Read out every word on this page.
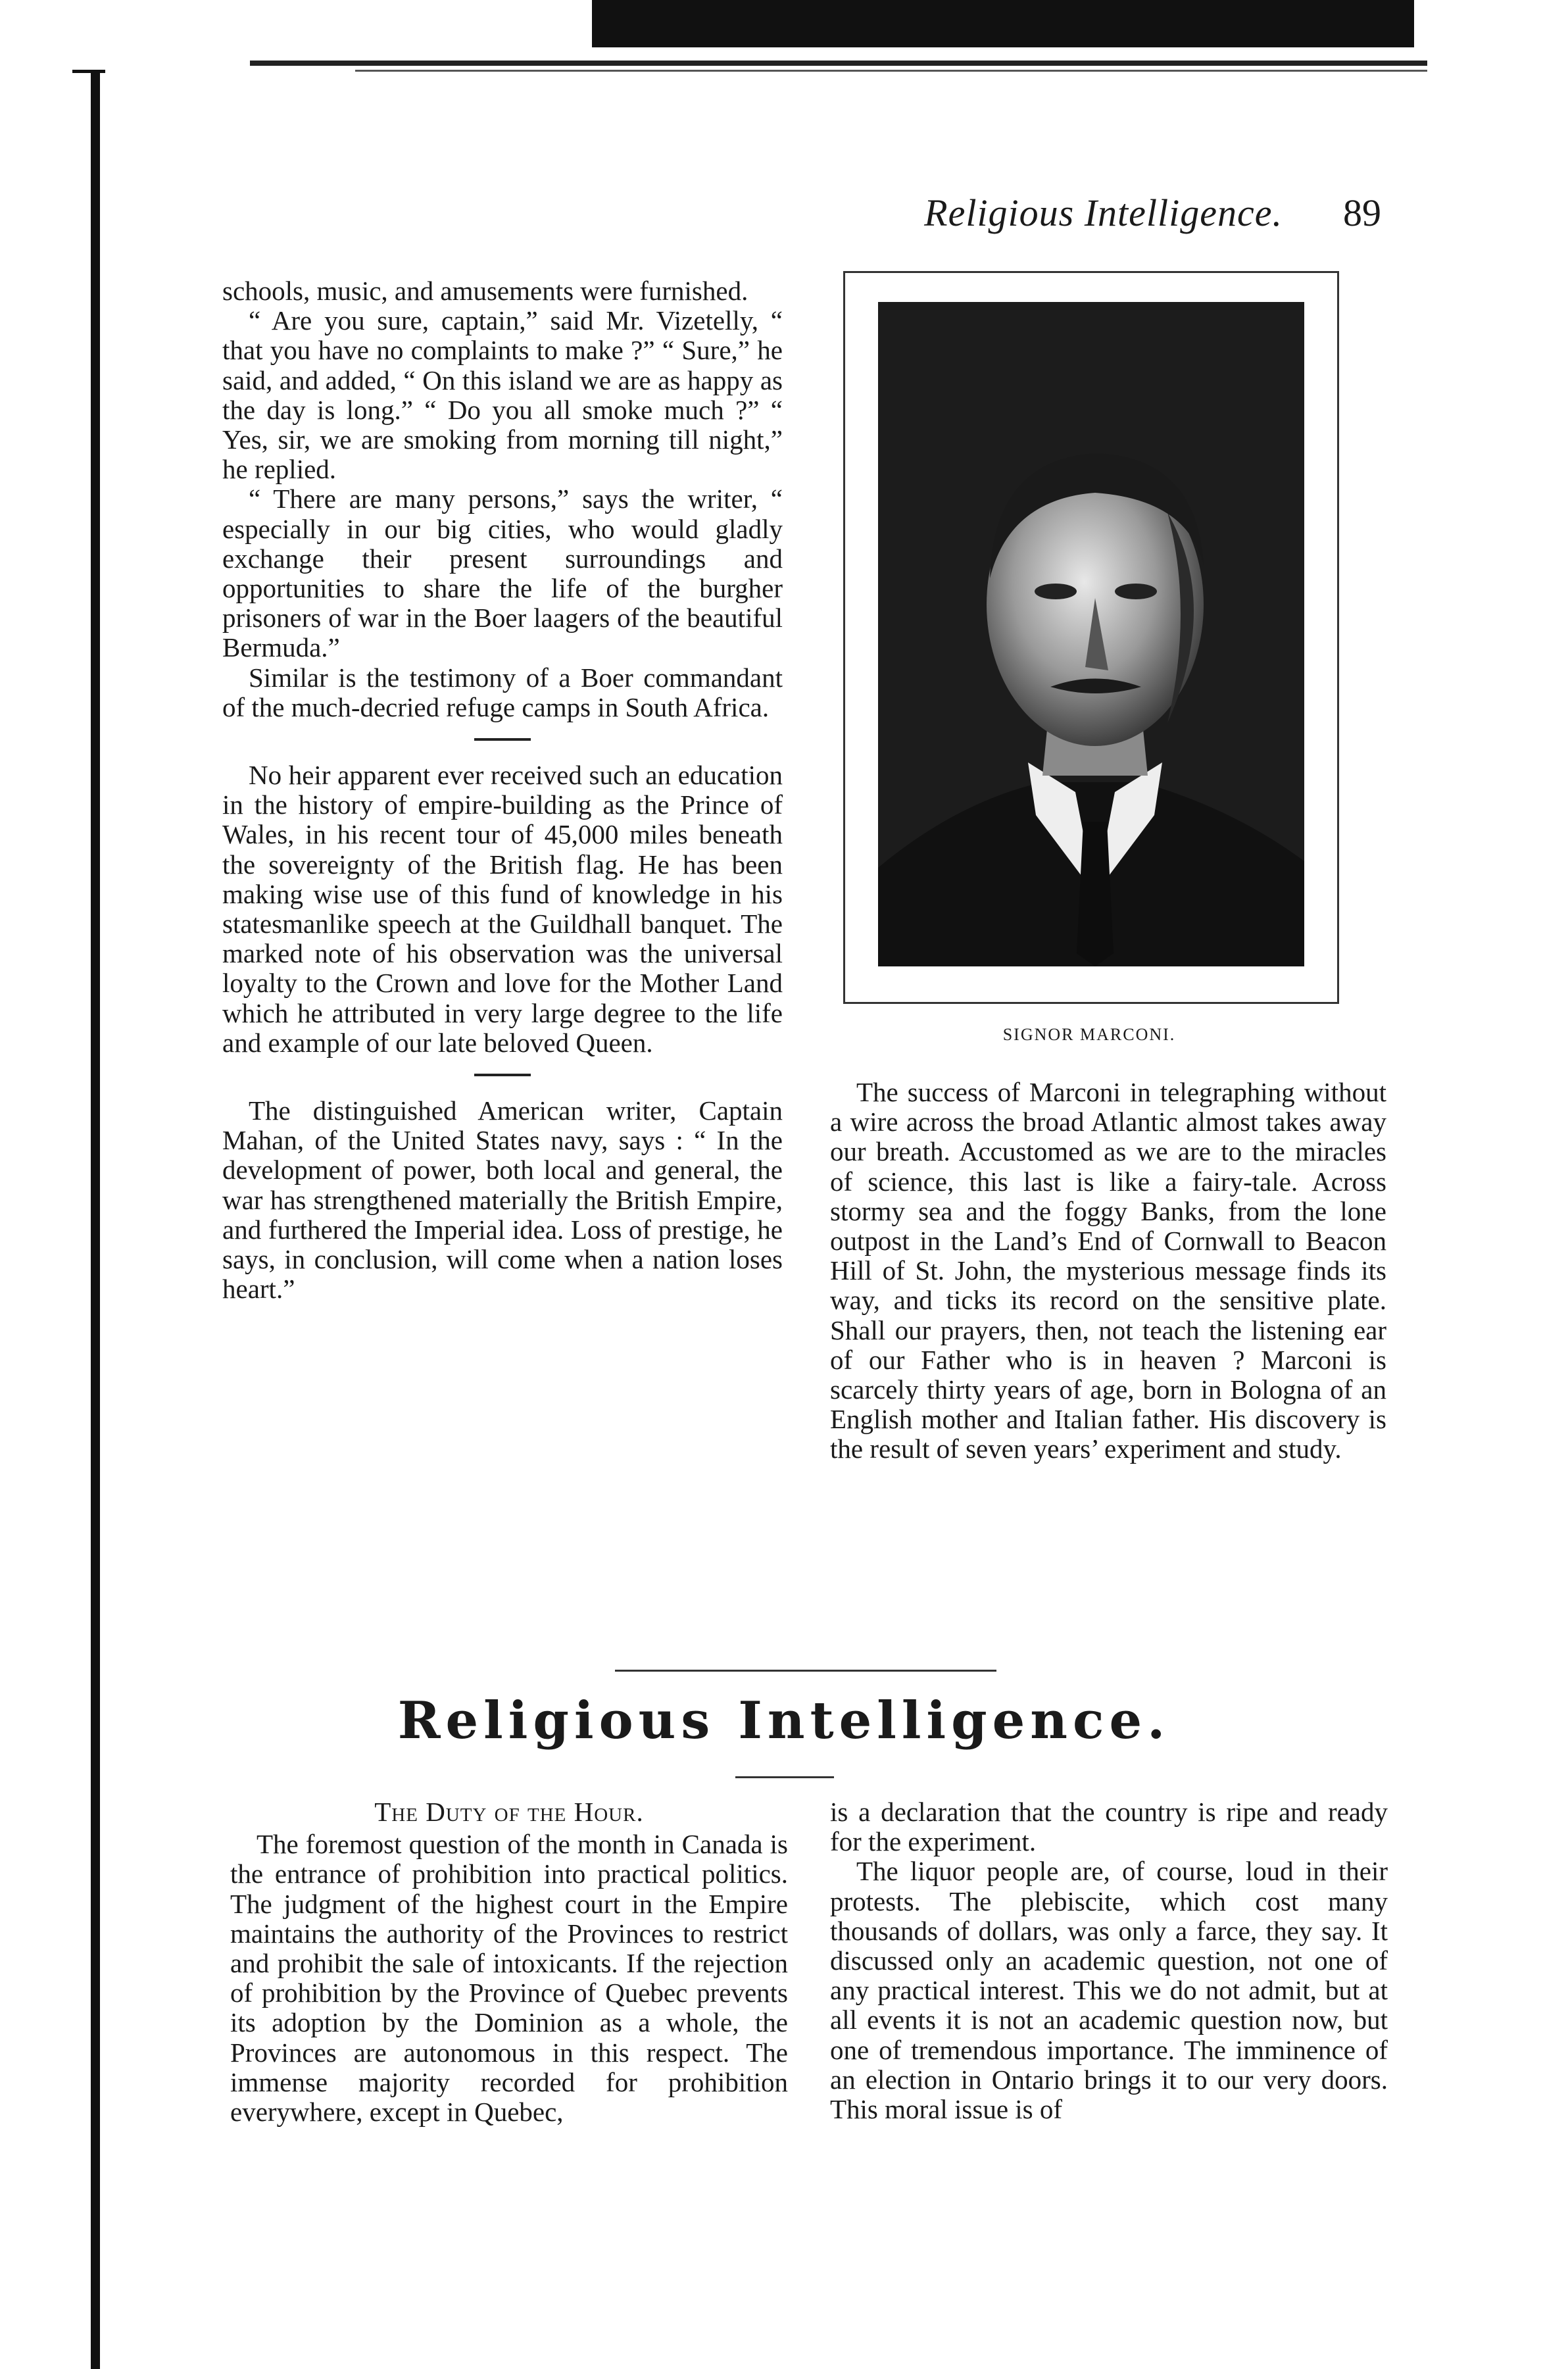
Religious Intelligence.	89

schools, music, and amusements were furnished.

“ Are you sure, captain,” said Mr. Vizetelly, “ that you have no complaints to make ?” “ Sure,” he said, and added, “ On this island we are as happy as the day is long.” “ Do you all smoke much ?” “ Yes, sir, we are smoking from morning till night,” he replied.

“ There are many persons,” says the writer, “ especially in our big cities, who would gladly exchange their present surroundings and opportunities to share the life of the burgher prisoners of war in the Boer laagers of the beautiful Bermuda.”

Similar is the testimony of a Boer commandant of the much-decried refuge camps in South Africa.

No heir apparent ever received such an education in the history of empire-building as the Prince of Wales, in his recent tour of 45,000 miles beneath the sovereignty of the British flag. He has been making wise use of this fund of knowledge in his statesmanlike speech at the Guildhall banquet. The marked note of his observation was the universal loyalty to the Crown and love for the Mother Land which he attributed in very large degree to the life and example of our late beloved Queen.

The distinguished American writer, Captain Mahan, of the United States navy, says : “ In the development of power, both local and general, the war has strengthened materially the British Empire, and furthered the Imperial idea. Loss of prestige, he says, in conclusion, will come when a nation loses heart.”

SIGNOR MARCONI.

The success of Marconi in telegraphing without a wire across the broad Atlantic almost takes away our breath. Accustomed as we are to the miracles of science, this last is like a fairy-tale. Across stormy sea and the foggy Banks, from the lone outpost in the Land’s End of Cornwall to Beacon Hill of St. John, the mysterious message finds its way, and ticks its record on the sensitive plate. Shall our prayers, then, not teach the listening ear of our Father who is in heaven ? Marconi is scarcely thirty years of age, born in Bologna of an English mother and Italian father. His discovery is the result of seven years’ experiment and study.

Religious Intelligence.

The Duty of the Hour.

The foremost question of the month in Canada is the entrance of prohibition into practical politics. The judgment of the highest court in the Empire maintains the authority of the Provinces to restrict and prohibit the sale of intoxicants. If the rejection of prohibition by the Province of Quebec prevents its adoption by the Dominion as a whole, the Provinces are autonomous in this respect. The immense majority recorded for prohibition everywhere, except in Quebec,

is a declaration that the country is ripe and ready for the experiment.

The liquor people are, of course, loud in their protests. The plebiscite, which cost many thousands of dollars, was only a farce, they say. It discussed only an academic question, not one of any practical interest. This we do not admit, but at all events it is not an academic question now, but one of tremendous importance. The imminence of an election in Ontario brings it to our very doors. This moral issue is of
